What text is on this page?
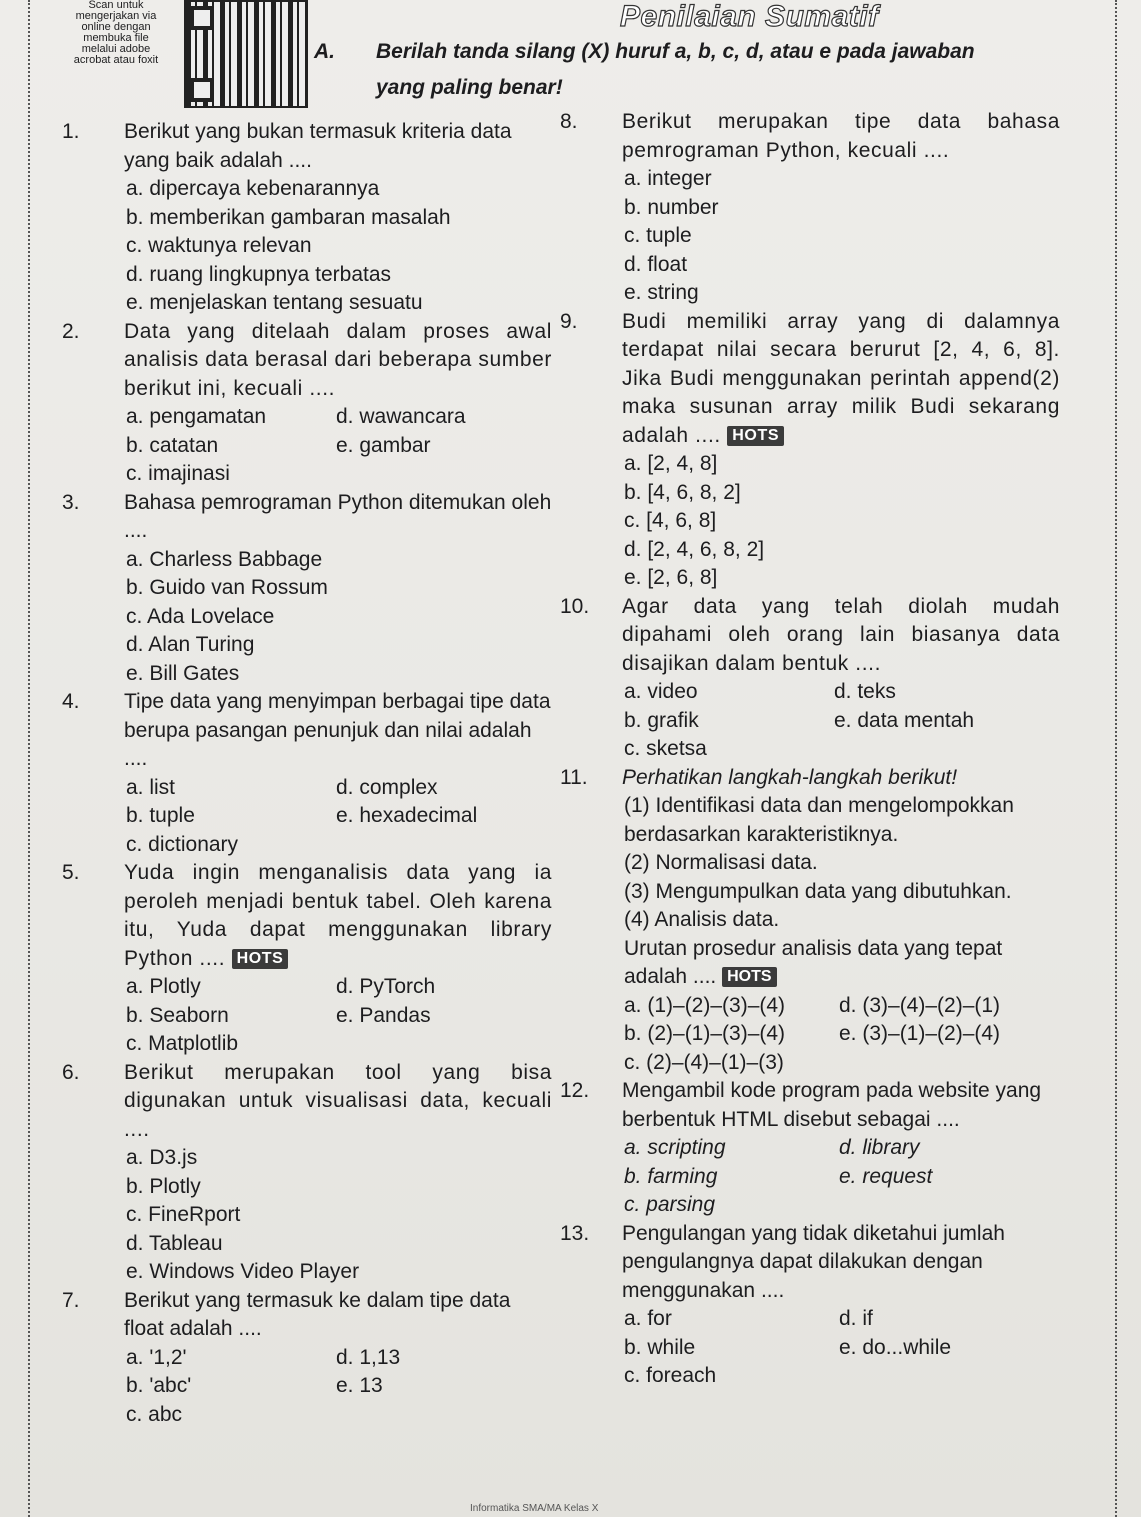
Scan untuk
mengerjakan via
online dengan
membuka file
melalui adobe
acrobat atau foxit
Penilaian Sumatif
A. Berilah tanda silang (X) huruf a, b, c, d, atau e pada jawaban
yang paling benar!
1.	Berikut yang bukan termasuk kriteria data yang baik adalah ....
a. dipercaya kebenarannya
b. memberikan gambaran masalah
c. waktunya relevan
d. ruang lingkupnya terbatas
e. menjelaskan tentang sesuatu
2.	Data yang ditelaah dalam proses awal analisis data berasal dari beberapa sumber berikut ini, kecuali ....
a. pengamatan	d. wawancara
b. catatan	e. gambar
c. imajinasi
3.	Bahasa pemrograman Python ditemukan oleh ....
a. Charless Babbage
b. Guido van Rossum
c. Ada Lovelace
d. Alan Turing
e. Bill Gates
4.	Tipe data yang menyimpan berbagai tipe data berupa pasangan penunjuk dan nilai adalah ....
a. list	d. complex
b. tuple	e. hexadecimal
c. dictionary
5.	Yuda ingin menganalisis data yang ia peroleh menjadi bentuk tabel. Oleh karena itu, Yuda dapat menggunakan library Python .... HOTS
a. Plotly	d. PyTorch
b. Seaborn	e. Pandas
c. Matplotlib
6.	Berikut merupakan tool yang bisa digunakan untuk visualisasi data, kecuali ....
a. D3.js
b. Plotly
c. FineRport
d. Tableau
e. Windows Video Player
7.	Berikut yang termasuk ke dalam tipe data float adalah ....
a. '1,2'	d. 1,13
b. 'abc'	e. 13
c. abc
8.	Berikut merupakan tipe data bahasa pemrograman Python, kecuali ....
a. integer
b. number
c. tuple
d. float
e. string
9.	Budi memiliki array yang di dalamnya terdapat nilai secara berurut [2, 4, 6, 8]. Jika Budi menggunakan perintah append(2) maka susunan array milik Budi sekarang adalah .... HOTS
a. [2, 4, 8]
b. [4, 6, 8, 2]
c. [4, 6, 8]
d. [2, 4, 6, 8, 2]
e. [2, 6, 8]
10.	Agar data yang telah diolah mudah dipahami oleh orang lain biasanya data disajikan dalam bentuk ....
a. video	d. teks
b. grafik	e. data mentah
c. sketsa
11.	Perhatikan langkah-langkah berikut!
(1) Identifikasi data dan mengelompokkan berdasarkan karakteristiknya.
(2) Normalisasi data.
(3) Mengumpulkan data yang dibutuhkan.
(4) Analisis data.
Urutan prosedur analisis data yang tepat adalah .... HOTS
a. (1)–(2)–(3)–(4)	d. (3)–(4)–(2)–(1)
b. (2)–(1)–(3)–(4)	e. (3)–(1)–(2)–(4)
c. (2)–(4)–(1)–(3)
12.	Mengambil kode program pada website yang berbentuk HTML disebut sebagai ....
a. scripting	d. library
b. farming	e. request
c. parsing
13.	Pengulangan yang tidak diketahui jumlah pengulangnya dapat dilakukan dengan menggunakan ....
a. for	d. if
b. while	e. do...while
c. foreach
Informatika SMA/MA Kelas X
